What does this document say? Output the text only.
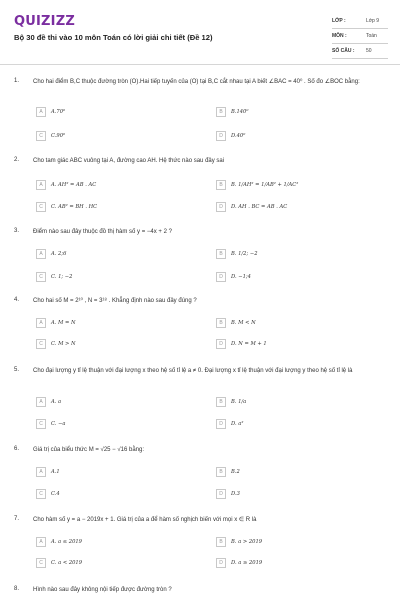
QUIZIZZ
Bộ 30 đề thi vào 10 môn Toán có lời giải chi tiết (Đề 12)
LỚP :	Lớp 9
MÔN :	Toán
SỐ CÂU : 50
1. Cho hai điểm B,C thuộc đường tròn (O).Hai tiếp tuyến của (O) tại B,C cắt nhau tại A biết ∠BAC = 40⁰ . Số đo ∠BOC bằng:
A	A.70⁰	B	B.140⁰
C	C.90⁰	D	D.40⁰
2. Cho tam giác ABC vuông tại A, đường cao AH. Hệ thức nào sau đây sai
A	A. AH² = AB . AC	B	B. 1/AH² = 1/AB² + 1/AC²
C	C. AB² = BH . HC	D	D. AH . BC = AB . AC
3. Điểm nào sau đây thuộc đồ thị hàm số y = −4x + 2 ?
A	A. 2;6	B	B. 1/2; −2
C	C. 1; −2	D	D. −1;4
4. Cho hai số M = 2¹⁰ , N = 3¹⁸ . Khẳng định nào sau đây đúng ?
A	A. M = N	B	B. M < N
C	C. M > N	D	D. N = M + 1
5. Cho đại lượng y tỉ lệ thuận với đại lượng x theo hệ số tỉ lệ a ≠ 0. Đại lượng x tỉ lệ thuận với đại lượng y theo hệ số tỉ lệ là
A	A. a	B	B. 1/a
C	C. −a	D	D. a²
6. Giá trị của biểu thức M = √25 − √16 bằng:
A	A.1	B	B.2
C	C.4	D	D.3
7. Cho hàm số y = a − 2019x + 1. Giá trị của a để hàm số nghịch biến với mọi x ∈ R là
A	A. a ≤ 2019	B	B. a > 2019
C	C. a < 2019	D	D. a ≥ 2019
8. Hình nào sau đây không nội tiếp được đường tròn ?
